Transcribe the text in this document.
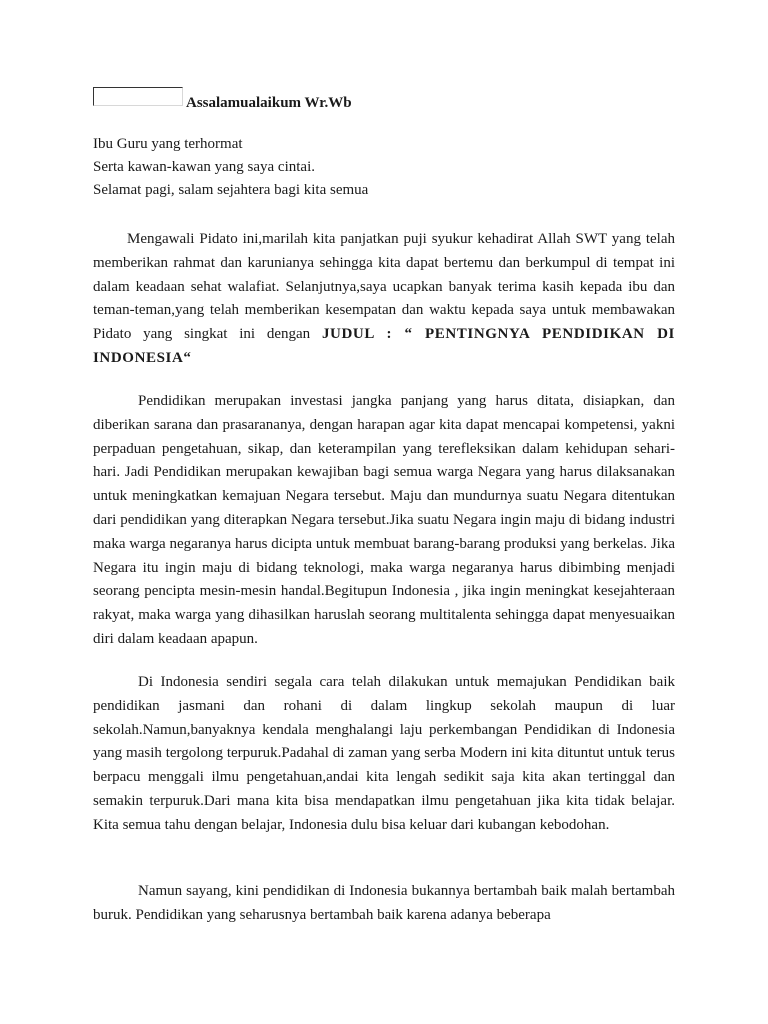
Assalamualaikum Wr.Wb

Ibu Guru yang terhormat
Serta kawan-kawan yang saya cintai.
Selamat pagi, salam sejahtera bagi kita semua

Mengawali Pidato ini,marilah kita panjatkan puji syukur kehadirat Allah SWT yang telah memberikan rahmat dan karunianya sehingga kita dapat bertemu dan berkumpul di tempat ini dalam keadaan sehat walafiat. Selanjutnya,saya ucapkan banyak terima kasih kepada ibu dan teman-teman,yang telah memberikan kesempatan dan waktu kepada saya untuk membawakan Pidato yang singkat ini dengan JUDUL : “ PENTINGNYA PENDIDIKAN DI INDONESIA“

Pendidikan merupakan investasi jangka panjang yang harus ditata, disiapkan, dan diberikan sarana dan prasarananya, dengan harapan agar kita dapat mencapai kompetensi, yakni perpaduan pengetahuan, sikap, dan keterampilan yang terefleksikan dalam kehidupan sehari-hari. Jadi Pendidikan merupakan kewajiban bagi semua warga Negara yang harus dilaksanakan untuk meningkatkan kemajuan Negara tersebut. Maju dan mundurnya suatu Negara ditentukan dari pendidikan yang diterapkan Negara tersebut.Jika suatu Negara ingin maju di bidang industri maka warga negaranya harus dicipta untuk membuat barang-barang produksi yang berkelas. Jika Negara itu ingin maju di bidang teknologi, maka warga negaranya harus dibimbing menjadi seorang pencipta mesin-mesin handal.Begitupun Indonesia , jika ingin meningkat kesejahteraan rakyat, maka warga yang dihasilkan haruslah seorang multitalenta sehingga dapat menyesuaikan diri dalam keadaan apapun.

Di Indonesia sendiri segala cara telah dilakukan untuk memajukan Pendidikan baik pendidikan jasmani dan rohani di dalam lingkup sekolah maupun di luar sekolah.Namun,banyaknya kendala menghalangi laju perkembangan Pendidikan di Indonesia yang masih tergolong terpuruk.Padahal di zaman yang serba Modern ini kita dituntut untuk terus berpacu menggali ilmu pengetahuan,andai kita lengah sedikit saja kita akan tertinggal dan semakin terpuruk.Dari mana kita bisa mendapatkan ilmu pengetahuan jika kita tidak belajar. Kita semua tahu dengan belajar, Indonesia dulu bisa keluar dari kubangan kebodohan.

Namun sayang, kini pendidikan di Indonesia bukannya bertambah baik malah bertambah buruk. Pendidikan yang seharusnya bertambah baik karena adanya beberapa
